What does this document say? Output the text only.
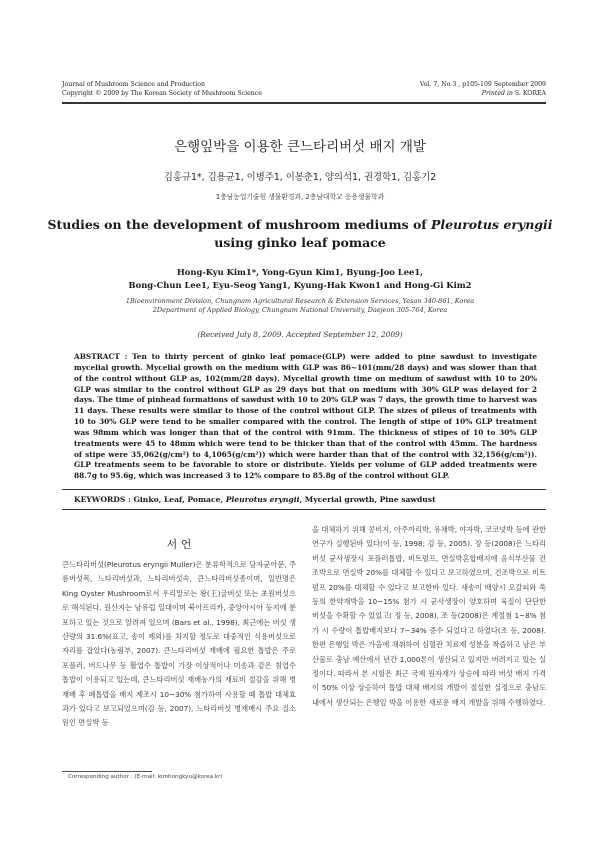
Journal of Mushroom Science and Production
Copyright © 2009 by The Korean Society of Mushroom Science
Vol. 7, No 3 , p105-109 September 2009
Printed in S. KOREA
은행잎박을 이용한 큰느타리버섯 배지 개발
김홍규1*, 김용균1, 이병주1, 이봉춘1, 양의석1, 권경학1, 김홍기2
1충남농업기술원 생물환경과, 2충남대학교 응용생물학과
Studies on the development of mushroom mediums of Pleurotus eryngii
using ginko leaf pomace
Hong-Kyu Kim1*, Yong-Gyun Kim1, Byung-Joo Lee1,
Bong-Chun Lee1, Eyu-Seog Yang1, Kyung-Hak Kwon1 and Hong-Gi Kim2
1Bioenvironment Division, Chungnam Agricultural Research & Extension Services, Yesan 340-861, Korea
2Department of Applied Biology, Chungnam National University, Daejeon 305-764, Korea
(Received July 8, 2009. Accepted September 12, 2009)
ABSTRACT : Ten to thirty percent of ginko leaf pomace(GLP) were added to pine sawdust to investigate mycelial growth. Mycelial growth on the medium with GLP was 86~101(mm/28 days) and was slower than that of the control without GLP as, 102(mm/28 days). Mycelial growth time on medium of sawdust with 10 to 20% GLP was similar to the control without GLP as 29 days but that on medium with 30% GLP was delayed for 2 days. The time of pinhead formations of sawdust with 10 to 20% GLP was 7 days, the growth time to harvest was 11 days. These results were similar to those of the control without GLP. The sizes of pileus of treatments with 10 to 30% GLP were tend to be smaller compared with the control. The length of stipe of 10% GLP treatment was 98mm which was longer than that of the control with 91mm. The thickness of stipes of 10 to 30% GLP treatments were 45 to 48mm which were tend to be thicker than that of the control with 45mm. The hardness of stipe were 35,062(g/cm²) to 4,1065(g/cm²)) which were harder than that of the control with 32,156(g/cm²)). GLP treatments seem to be favorable to store or distribute. Yields per volume of GLP added treatments were 88.7g to 95.6g, which was increased 3 to 12% compare to 85.8g of the control without GLP.
KEYWORDS : Ginko, Leaf, Pomace, Pleurotus eryngii, Mycerial growth, Pine sawdust
서 언
큰느타리버섯(Pleurotus eryngii Muller)은 분류학적으로 담자균아문, 주름버섯목, 느타리버섯과, 느타리버섯속, 큰느타리버섯종이며, 일반명은 King Oyster Mushroom로서 우리말로는 왕(王)굴버섯 또는 초원버섯으로 해석된다. 원산지는 남유럽 일대이며 북아프리카, 중앙아시아 등지에 분포하고 있는 것으로 알려져 있으며 (Bars et al., 1998), 최근에는 버섯 생산량의 31.6%(표고, 송이 제외)를 차지할 정도로 대중적인 식용버섯으로 자리를 잡았다(농림부, 2007). 큰느타리버섯 재배에 필요한 톱밥은 주로 포플러, 버드나무 등 활엽수 톱밥이 가장 이상적이나 미송과 같은 침엽수 톱밥이 이용되고 있는데, 큰느타리버섯 재배농가의 재료비 절감을 위해 병 재배 후 폐톱밥을 배지 제조시 10~30% 첨가하여 사용할 때 톱밥 대체효과가 있다고 보고되었으며(김 등, 2007), 느타리버섯 병재배시 주요 질소원인 면실박 등
을 대체하기 위해 콩비지, 아주까리박, 유채박, 야자박, 코코넛박 등에 관한 연구가 실행된바 있다(이 등, 1998; 김 등, 2005). 장 등(2008)은 느타리버섯 균사생장시 포플러톱밥, 비트펄프, 면실박혼합배지에 음식부산물 건조박으로 면실박 20%를 대체할 수 있다고 보고하였으며, 건조박으로 비트펄프 20%를 대체할 수 있다고 보고한바 있다. 새송이 배양시 오갈피와 쑥 등의 한약재박을 10~15% 첨가 시 균사생장이 양호하며 육질이 단단한 버섯을 수확할 수 있었고( 정 등, 2008), 조 등(2008)은 계절첨 1~8% 첨가 시 수량이 톱밥배지보다 7~34% 증수 되었다고 하였다(조 등, 2008). 한편 은행잎 박은 가을에 채취하여 심혈관 치료제 성분을 착즙하고 남은 부산물로 충남 예산에서 년간 1,000톤이 생산되고 있지만 버려지고 있는 실정이다. 따라서 본 시험은 최근 국제 원자재가 상승에 따라 버섯 배지 가격이 50% 이상 상승하여 톱밥 대체 배지의 개발이 절실한 실정으로 충남도내에서 생산되는 은행잎 박을 이용한 새로운 배지 개발을 위해 수행하였다.
Corresponding author : (E-mail: kimhongkyu@korea.kr)
